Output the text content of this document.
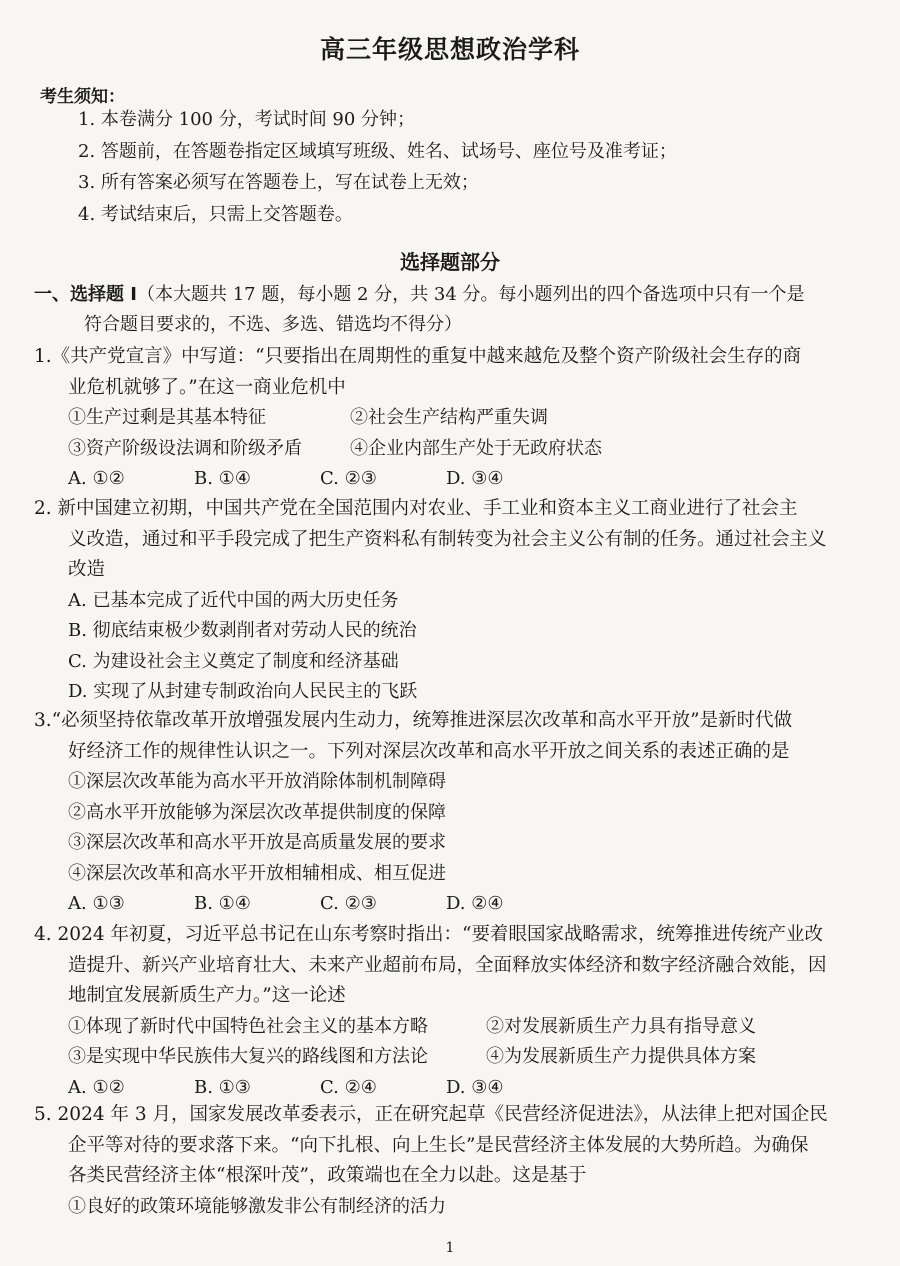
高三年级思想政治学科
考生须知：
1. 本卷满分 100 分，考试时间 90 分钟；
2. 答题前，在答题卷指定区域填写班级、姓名、试场号、座位号及准考证；
3. 所有答案必须写在答题卷上，写在试卷上无效；
4. 考试结束后，只需上交答题卷。
选择题部分
一、选择题 I（本大题共 17 题，每小题 2 分，共 34 分。每小题列出的四个备选项中只有一个是
符合题目要求的，不选、多选、错选均不得分）
1.《共产党宣言》中写道：“只要指出在周期性的重复中越来越危及整个资产阶级社会生存的商
业危机就够了。”在这一商业危机中
①生产过剩是其基本特征	②社会生产结构严重失调
③资产阶级设法调和阶级矛盾	④企业内部生产处于无政府状态
A. ①②	B. ①④	C. ②③	D. ③④
2. 新中国建立初期，中国共产党在全国范围内对农业、手工业和资本主义工商业进行了社会主
义改造，通过和平手段完成了把生产资料私有制转变为社会主义公有制的任务。通过社会主义
改造
A. 已基本完成了近代中国的两大历史任务
B. 彻底结束极少数剥削者对劳动人民的统治
C. 为建设社会主义奠定了制度和经济基础
D. 实现了从封建专制政治向人民民主的飞跃
3.“必须坚持依靠改革开放增强发展内生动力，统筹推进深层次改革和高水平开放”是新时代做
好经济工作的规律性认识之一。下列对深层次改革和高水平开放之间关系的表述正确的是
①深层次改革能为高水平开放消除体制机制障碍
②高水平开放能够为深层次改革提供制度的保障
③深层次改革和高水平开放是高质量发展的要求
④深层次改革和高水平开放相辅相成、相互促进
A. ①③	B. ①④	C. ②③	D. ②④
4. 2024 年初夏，习近平总书记在山东考察时指出：“要着眼国家战略需求，统筹推进传统产业改
造提升、新兴产业培育壮大、未来产业超前布局，全面释放实体经济和数字经济融合效能，因
地制宜发展新质生产力。”这一论述
①体现了新时代中国特色社会主义的基本方略	②对发展新质生产力具有指导意义
③是实现中华民族伟大复兴的路线图和方法论	④为发展新质生产力提供具体方案
A. ①②	B. ①③	C. ②④	D. ③④
5. 2024 年 3 月，国家发展改革委表示，正在研究起草《民营经济促进法》，从法律上把对国企民
企平等对待的要求落下来。“向下扎根、向上生长”是民营经济主体发展的大势所趋。为确保
各类民营经济主体“根深叶茂”，政策端也在全力以赴。这是基于
①良好的政策环境能够激发非公有制经济的活力
1
